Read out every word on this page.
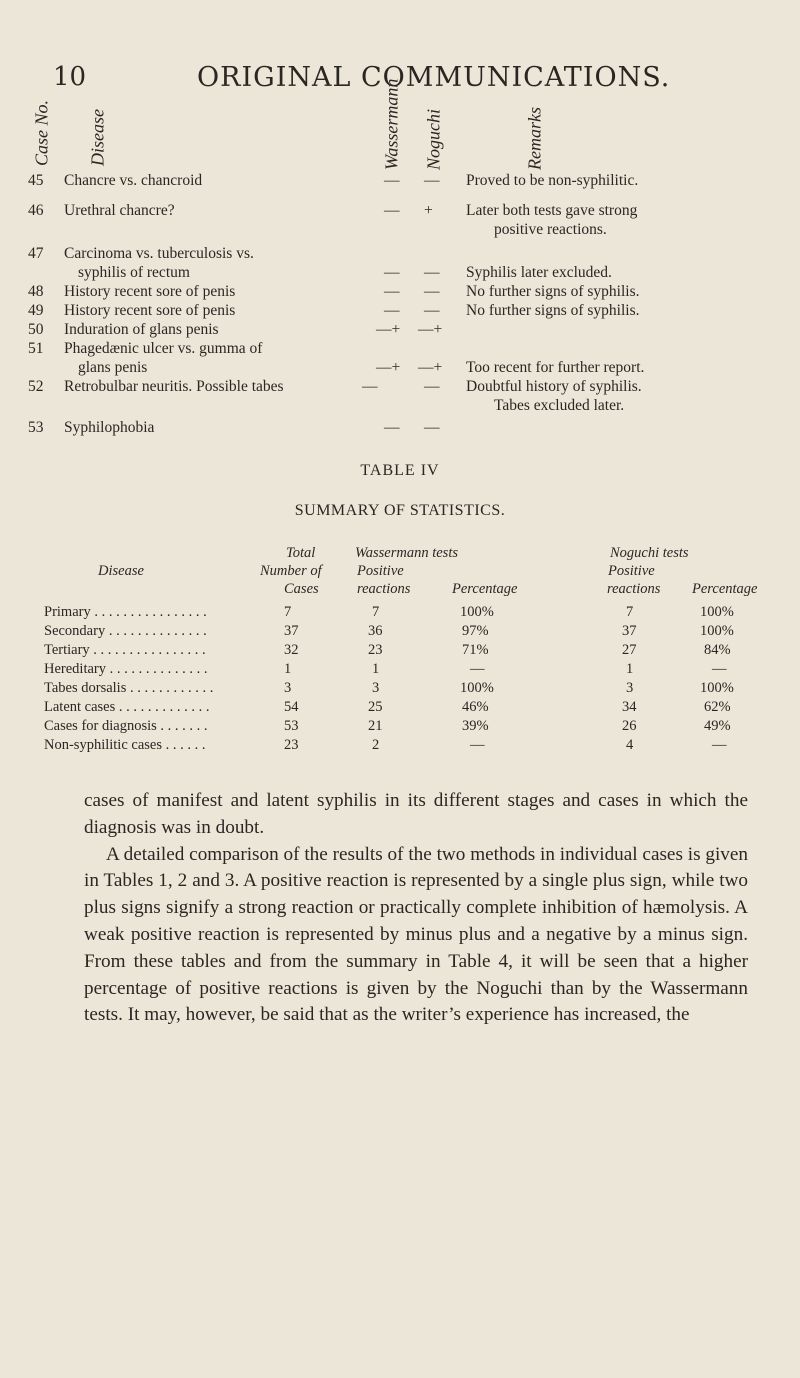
10	ORIGINAL COMMUNICATIONS.
Case No. Disease	Wassermann Noguchi	Remarks
45 Chancre vs. chancroid	— — Proved to be non-syphilitic.
46 Urethral chancre?	— + Later both tests gave strong
positive reactions.
47 Carcinoma vs. tuberculosis vs.
syphilis of rectum	— — Syphilis later excluded.
48 History recent sore of penis	— — No further signs of syphilis.
49 History recent sore of penis	— — No further signs of syphilis.
50 Induration of glans penis	—+ —+
51 Phagedænic ulcer vs. gumma of
glans penis	—+ —+ Too recent for further report.
52 Retrobulbar neuritis. Possible tabes	—	— Doubtful history of syphilis.
Tabes excluded later.
53 Syphilophobia	— —
TABLE IV
SUMMARY OF STATISTICS.
Total
Disease	Number of
Cases
Wassermann tests
Positive
reactions	Percentage
Noguchi tests
Positive
reactions Percentage
Primary . . . . . . . . . . . . . . . .	7	7	100%	7	100%
Secondary . . . . . . . . . . . . . .	37	36	97%	37	100%
Tertiary . . . . . . . . . . . . . . . .	32	23	71%	27	84%
Hereditary . . . . . . . . . . . . . .	1	1	—	1	—
Tabes dorsalis . . . . . . . . . . . .	3	3	100%	3	100%
Latent cases . . . . . . . . . . . . .	54	25	46%	34	62%
Cases for diagnosis . . . . . . .	53	21	39%	26	49%
Non-syphilitic cases . . . . . .	23	2	—	4	—

cases of manifest and latent syphilis in its different stages and cases in which the diagnosis was in doubt.

A detailed comparison of the results of the two methods in individual cases is given in Tables 1, 2 and 3. A positive reaction is represented by a single plus sign, while two plus signs signify a strong reaction or practically complete inhibition of hæmolysis. A weak positive reaction is represented by minus plus and a negative by a minus sign. From these tables and from the summary in Table 4, it will be seen that a higher percentage of positive reactions is given by the Noguchi than by the Wassermann tests. It may, however, be said that as the writer’s experience has increased, the
